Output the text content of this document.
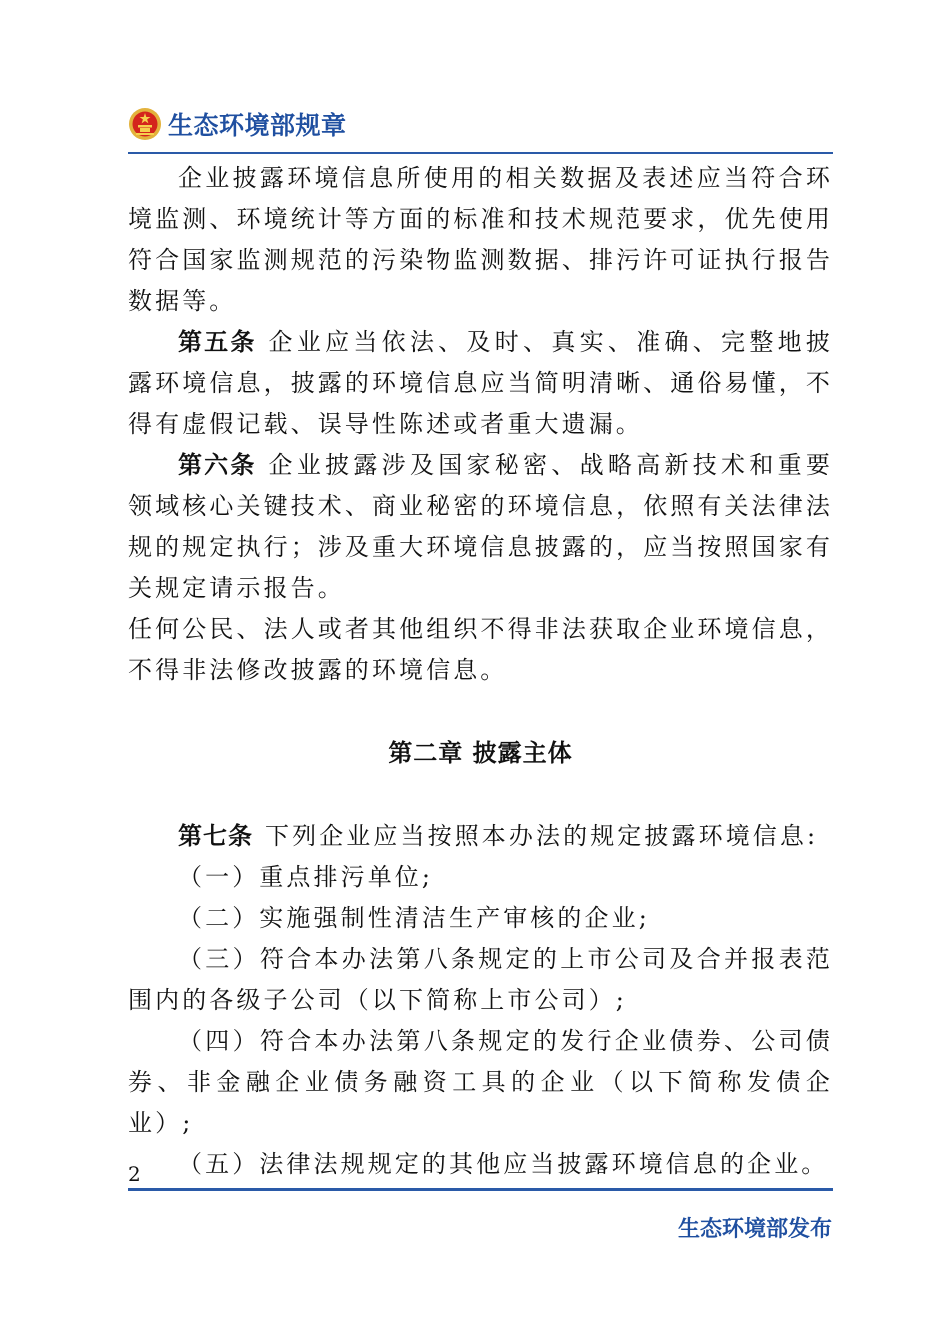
生态环境部规章

企业披露环境信息所使用的相关数据及表述应当符合环境监测、环境统计等方面的标准和技术规范要求，优先使用符合国家监测规范的污染物监测数据、排污许可证执行报告数据等。

第五条 企业应当依法、及时、真实、准确、完整地披露环境信息，披露的环境信息应当简明清晰、通俗易懂，不得有虚假记载、误导性陈述或者重大遗漏。

第六条 企业披露涉及国家秘密、战略高新技术和重要领域核心关键技术、商业秘密的环境信息，依照有关法律法规的规定执行；涉及重大环境信息披露的，应当按照国家有关规定请示报告。

任何公民、法人或者其他组织不得非法获取企业环境信息，不得非法修改披露的环境信息。

第二章 披露主体

第七条 下列企业应当按照本办法的规定披露环境信息:

（一）重点排污单位;

（二）实施强制性清洁生产审核的企业;

（三）符合本办法第八条规定的上市公司及合并报表范围内的各级子公司（以下简称上市公司）;

（四）符合本办法第八条规定的发行企业债券、公司债券、非金融企业债务融资工具的企业（以下简称发债企业）;

（五）法律法规规定的其他应当披露环境信息的企业。

2
生态环境部发布
